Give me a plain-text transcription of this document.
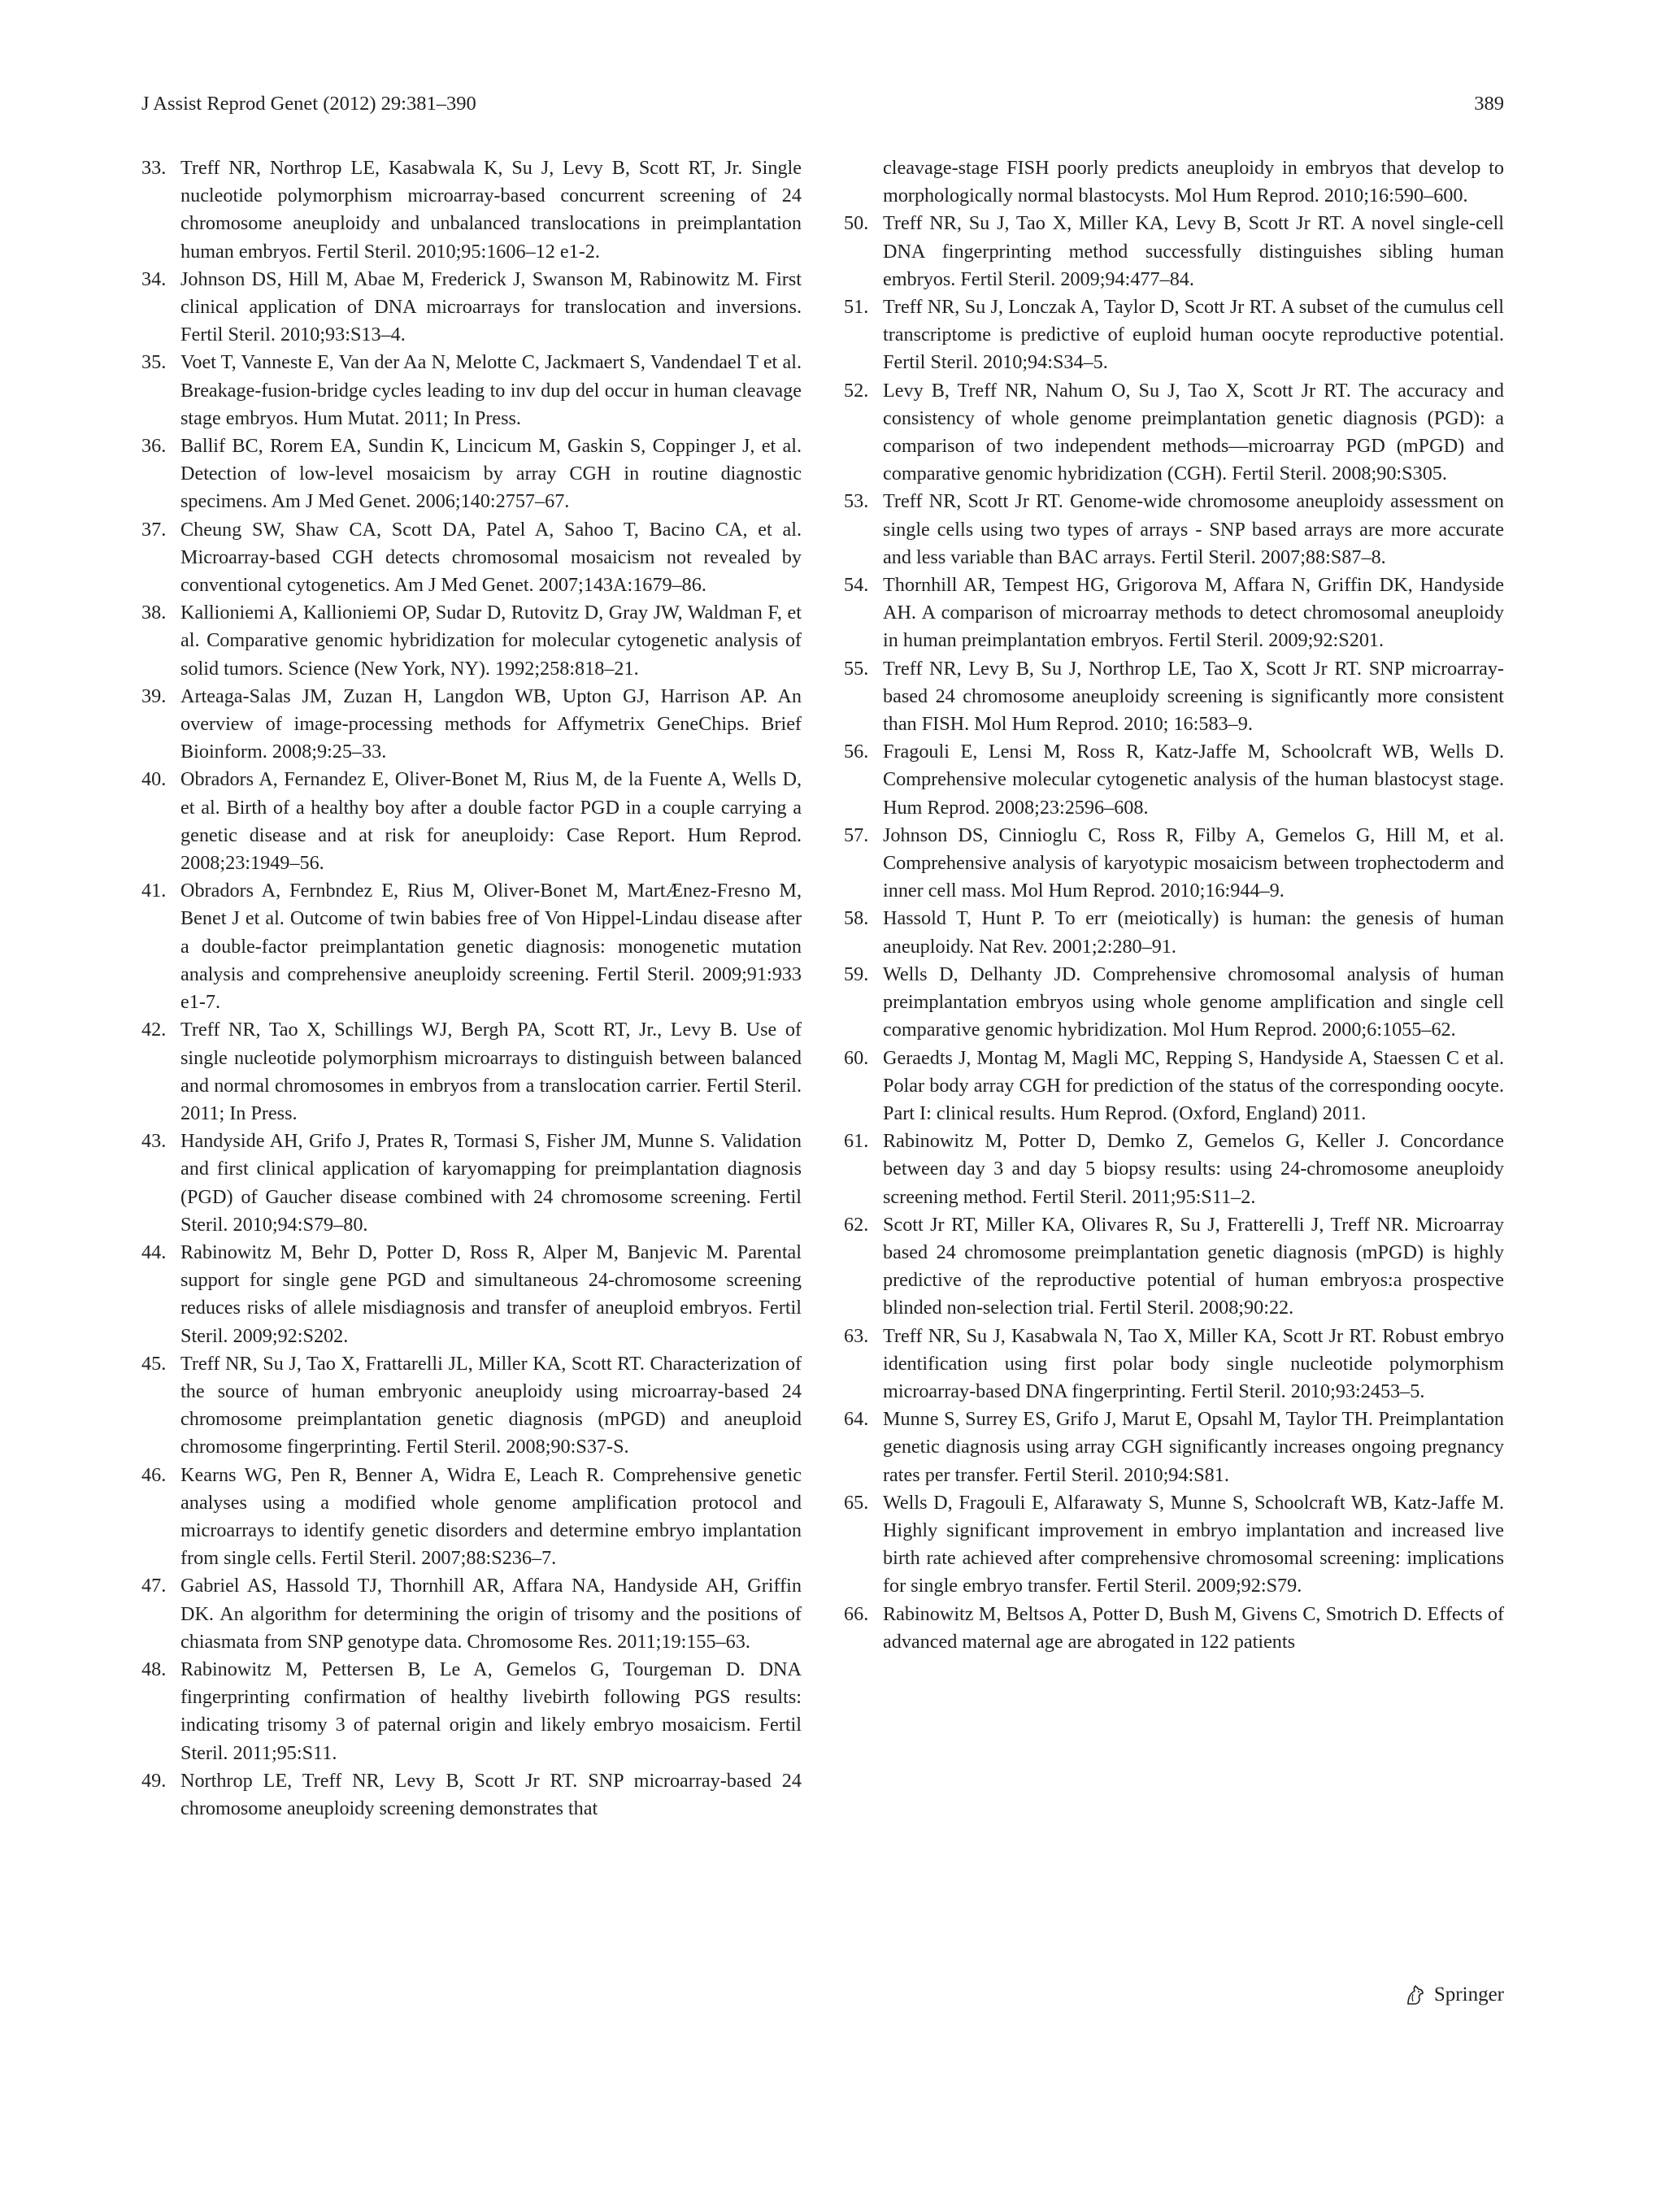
J Assist Reprod Genet (2012) 29:381–390	389

33. Treff NR, Northrop LE, Kasabwala K, Su J, Levy B, Scott RT, Jr. Single nucleotide polymorphism microarray-based concurrent screening of 24 chromosome aneuploidy and unbalanced translocations in preimplantation human embryos. Fertil Steril. 2010;95:1606–12 e1-2.

34. Johnson DS, Hill M, Abae M, Frederick J, Swanson M, Rabinowitz M. First clinical application of DNA microarrays for translocation and inversions. Fertil Steril. 2010;93:S13–4.

35. Voet T, Vanneste E, Van der Aa N, Melotte C, Jackmaert S, Vandendael T et al. Breakage-fusion-bridge cycles leading to inv dup del occur in human cleavage stage embryos. Hum Mutat. 2011; In Press.

36. Ballif BC, Rorem EA, Sundin K, Lincicum M, Gaskin S, Coppinger J, et al. Detection of low-level mosaicism by array CGH in routine diagnostic specimens. Am J Med Genet. 2006;140:2757–67.

37. Cheung SW, Shaw CA, Scott DA, Patel A, Sahoo T, Bacino CA, et al. Microarray-based CGH detects chromosomal mosaicism not revealed by conventional cytogenetics. Am J Med Genet. 2007;143A:1679–86.

38. Kallioniemi A, Kallioniemi OP, Sudar D, Rutovitz D, Gray JW, Waldman F, et al. Comparative genomic hybridization for molecular cytogenetic analysis of solid tumors. Science (New York, NY). 1992;258:818–21.

39. Arteaga-Salas JM, Zuzan H, Langdon WB, Upton GJ, Harrison AP. An overview of image-processing methods for Affymetrix GeneChips. Brief Bioinform. 2008;9:25–33.

40. Obradors A, Fernandez E, Oliver-Bonet M, Rius M, de la Fuente A, Wells D, et al. Birth of a healthy boy after a double factor PGD in a couple carrying a genetic disease and at risk for aneuploidy: Case Report. Hum Reprod. 2008;23:1949–56.

41. Obradors A, Fernbndez E, Rius M, Oliver-Bonet M, MartÆnez-Fresno M, Benet J et al. Outcome of twin babies free of Von Hippel-Lindau disease after a double-factor preimplantation genetic diagnosis: monogenetic mutation analysis and comprehensive aneuploidy screening. Fertil Steril. 2009;91:933 e1-7.

42. Treff NR, Tao X, Schillings WJ, Bergh PA, Scott RT, Jr., Levy B. Use of single nucleotide polymorphism microarrays to distinguish between balanced and normal chromosomes in embryos from a translocation carrier. Fertil Steril. 2011; In Press.

43. Handyside AH, Grifo J, Prates R, Tormasi S, Fisher JM, Munne S. Validation and first clinical application of karyomapping for preimplantation diagnosis (PGD) of Gaucher disease combined with 24 chromosome screening. Fertil Steril. 2010;94:S79–80.

44. Rabinowitz M, Behr D, Potter D, Ross R, Alper M, Banjevic M. Parental support for single gene PGD and simultaneous 24-chromosome screening reduces risks of allele misdiagnosis and transfer of aneuploid embryos. Fertil Steril. 2009;92:S202.

45. Treff NR, Su J, Tao X, Frattarelli JL, Miller KA, Scott RT. Characterization of the source of human embryonic aneuploidy using microarray-based 24 chromosome preimplantation genetic diagnosis (mPGD) and aneuploid chromosome fingerprinting. Fertil Steril. 2008;90:S37-S.

46. Kearns WG, Pen R, Benner A, Widra E, Leach R. Comprehensive genetic analyses using a modified whole genome amplification protocol and microarrays to identify genetic disorders and determine embryo implantation from single cells. Fertil Steril. 2007;88:S236–7.

47. Gabriel AS, Hassold TJ, Thornhill AR, Affara NA, Handyside AH, Griffin DK. An algorithm for determining the origin of trisomy and the positions of chiasmata from SNP genotype data. Chromosome Res. 2011;19:155–63.

48. Rabinowitz M, Pettersen B, Le A, Gemelos G, Tourgeman D. DNA fingerprinting confirmation of healthy livebirth following PGS results: indicating trisomy 3 of paternal origin and likely embryo mosaicism. Fertil Steril. 2011;95:S11.

49. Northrop LE, Treff NR, Levy B, Scott Jr RT. SNP microarray-based 24 chromosome aneuploidy screening demonstrates that

cleavage-stage FISH poorly predicts aneuploidy in embryos that develop to morphologically normal blastocysts. Mol Hum Reprod. 2010;16:590–600.

50. Treff NR, Su J, Tao X, Miller KA, Levy B, Scott Jr RT. A novel single-cell DNA fingerprinting method successfully distinguishes sibling human embryos. Fertil Steril. 2009;94:477–84.

51. Treff NR, Su J, Lonczak A, Taylor D, Scott Jr RT. A subset of the cumulus cell transcriptome is predictive of euploid human oocyte reproductive potential. Fertil Steril. 2010;94:S34–5.

52. Levy B, Treff NR, Nahum O, Su J, Tao X, Scott Jr RT. The accuracy and consistency of whole genome preimplantation genetic diagnosis (PGD): a comparison of two independent methods—microarray PGD (mPGD) and comparative genomic hybridization (CGH). Fertil Steril. 2008;90:S305.

53. Treff NR, Scott Jr RT. Genome-wide chromosome aneuploidy assessment on single cells using two types of arrays - SNP based arrays are more accurate and less variable than BAC arrays. Fertil Steril. 2007;88:S87–8.

54. Thornhill AR, Tempest HG, Grigorova M, Affara N, Griffin DK, Handyside AH. A comparison of microarray methods to detect chromosomal aneuploidy in human preimplantation embryos. Fertil Steril. 2009;92:S201.

55. Treff NR, Levy B, Su J, Northrop LE, Tao X, Scott Jr RT. SNP microarray-based 24 chromosome aneuploidy screening is significantly more consistent than FISH. Mol Hum Reprod. 2010; 16:583–9.

56. Fragouli E, Lensi M, Ross R, Katz-Jaffe M, Schoolcraft WB, Wells D. Comprehensive molecular cytogenetic analysis of the human blastocyst stage. Hum Reprod. 2008;23:2596–608.

57. Johnson DS, Cinnioglu C, Ross R, Filby A, Gemelos G, Hill M, et al. Comprehensive analysis of karyotypic mosaicism between trophectoderm and inner cell mass. Mol Hum Reprod. 2010;16:944–9.

58. Hassold T, Hunt P. To err (meiotically) is human: the genesis of human aneuploidy. Nat Rev. 2001;2:280–91.

59. Wells D, Delhanty JD. Comprehensive chromosomal analysis of human preimplantation embryos using whole genome amplification and single cell comparative genomic hybridization. Mol Hum Reprod. 2000;6:1055–62.

60. Geraedts J, Montag M, Magli MC, Repping S, Handyside A, Staessen C et al. Polar body array CGH for prediction of the status of the corresponding oocyte. Part I: clinical results. Hum Reprod. (Oxford, England) 2011.

61. Rabinowitz M, Potter D, Demko Z, Gemelos G, Keller J. Concordance between day 3 and day 5 biopsy results: using 24-chromosome aneuploidy screening method. Fertil Steril. 2011;95:S11–2.

62. Scott Jr RT, Miller KA, Olivares R, Su J, Fratterelli J, Treff NR. Microarray based 24 chromosome preimplantation genetic diagnosis (mPGD) is highly predictive of the reproductive potential of human embryos:a prospective blinded non-selection trial. Fertil Steril. 2008;90:22.

63. Treff NR, Su J, Kasabwala N, Tao X, Miller KA, Scott Jr RT. Robust embryo identification using first polar body single nucleotide polymorphism microarray-based DNA fingerprinting. Fertil Steril. 2010;93:2453–5.

64. Munne S, Surrey ES, Grifo J, Marut E, Opsahl M, Taylor TH. Preimplantation genetic diagnosis using array CGH significantly increases ongoing pregnancy rates per transfer. Fertil Steril. 2010;94:S81.

65. Wells D, Fragouli E, Alfarawaty S, Munne S, Schoolcraft WB, Katz-Jaffe M. Highly significant improvement in embryo implantation and increased live birth rate achieved after comprehensive chromosomal screening: implications for single embryo transfer. Fertil Steril. 2009;92:S79.

66. Rabinowitz M, Beltsos A, Potter D, Bush M, Givens C, Smotrich D. Effects of advanced maternal age are abrogated in 122 patients

Springer
